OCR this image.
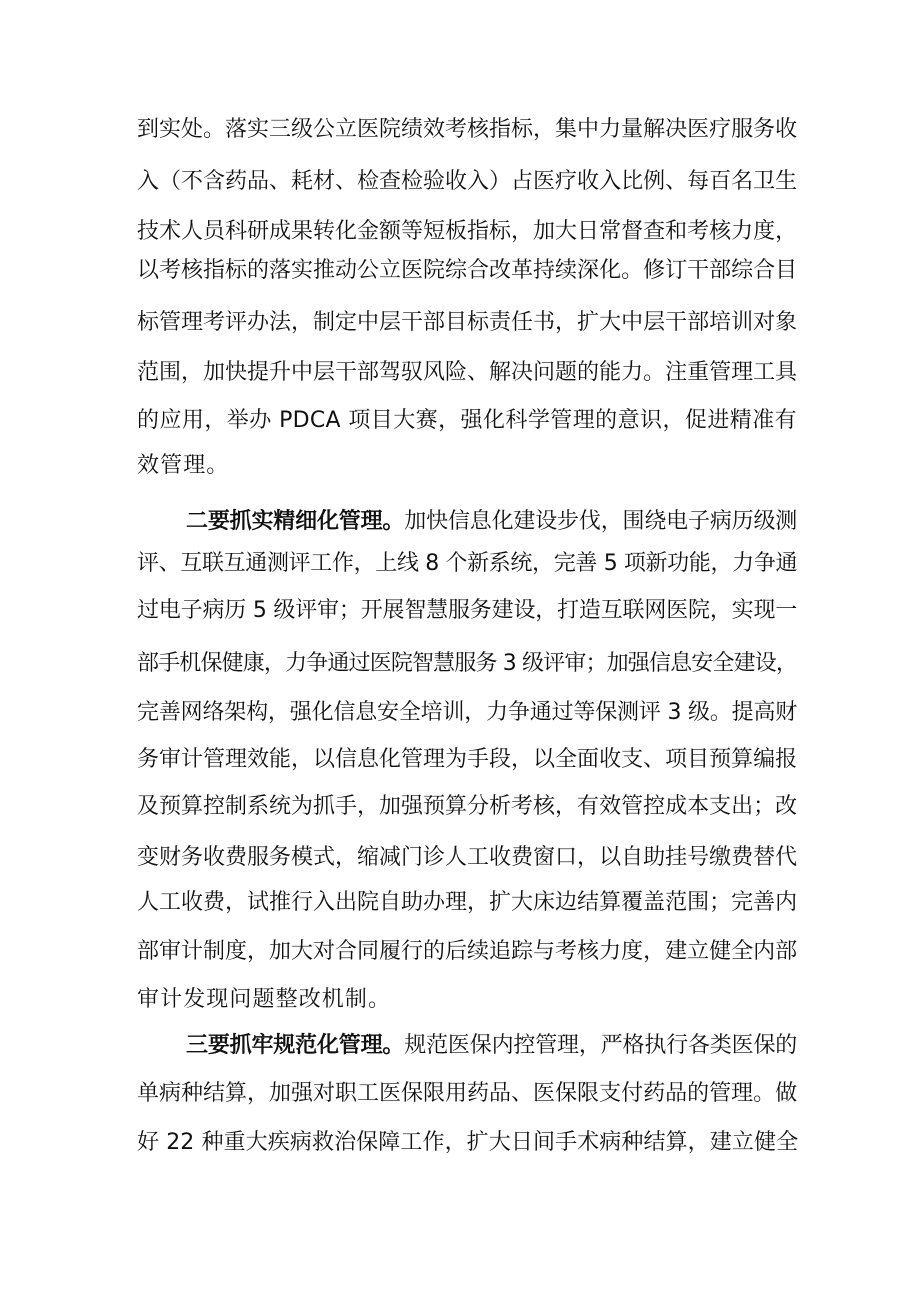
到实处。落实三级公立医院绩效考核指标，集中力量解决医疗服务收
入（不含药品、耗材、检查检验收入）占医疗收入比例、每百名卫生
技术人员科研成果转化金额等短板指标，加大日常督查和考核力度，
以考核指标的落实推动公立医院综合改革持续深化。修订干部综合目
标管理考评办法，制定中层干部目标责任书，扩大中层干部培训对象
范围，加快提升中层干部驾驭风险、解决问题的能力。注重管理工具
的应用，举办 PDCA 项目大赛，强化科学管理的意识，促进精准有
效管理。
二要抓实精细化管理。加快信息化建设步伐，围绕电子病历级测
评、互联互通测评工作，上线 8 个新系统，完善 5 项新功能，力争通
过电子病历 5 级评审；开展智慧服务建设，打造互联网医院，实现一
部手机保健康，力争通过医院智慧服务 3 级评审；加强信息安全建设，
完善网络架构，强化信息安全培训，力争通过等保测评 3 级。提高财
务审计管理效能，以信息化管理为手段，以全面收支、项目预算编报
及预算控制系统为抓手，加强预算分析考核，有效管控成本支出；改
变财务收费服务模式，缩减门诊人工收费窗口，以自助挂号缴费替代
人工收费，试推行入出院自助办理，扩大床边结算覆盖范围；完善内
部审计制度，加大对合同履行的后续追踪与考核力度，建立健全内部
审计发现问题整改机制。
三要抓牢规范化管理。规范医保内控管理，严格执行各类医保的
单病种结算，加强对职工医保限用药品、医保限支付药品的管理。做
好 22 种重大疾病救治保障工作，扩大日间手术病种结算，建立健全
